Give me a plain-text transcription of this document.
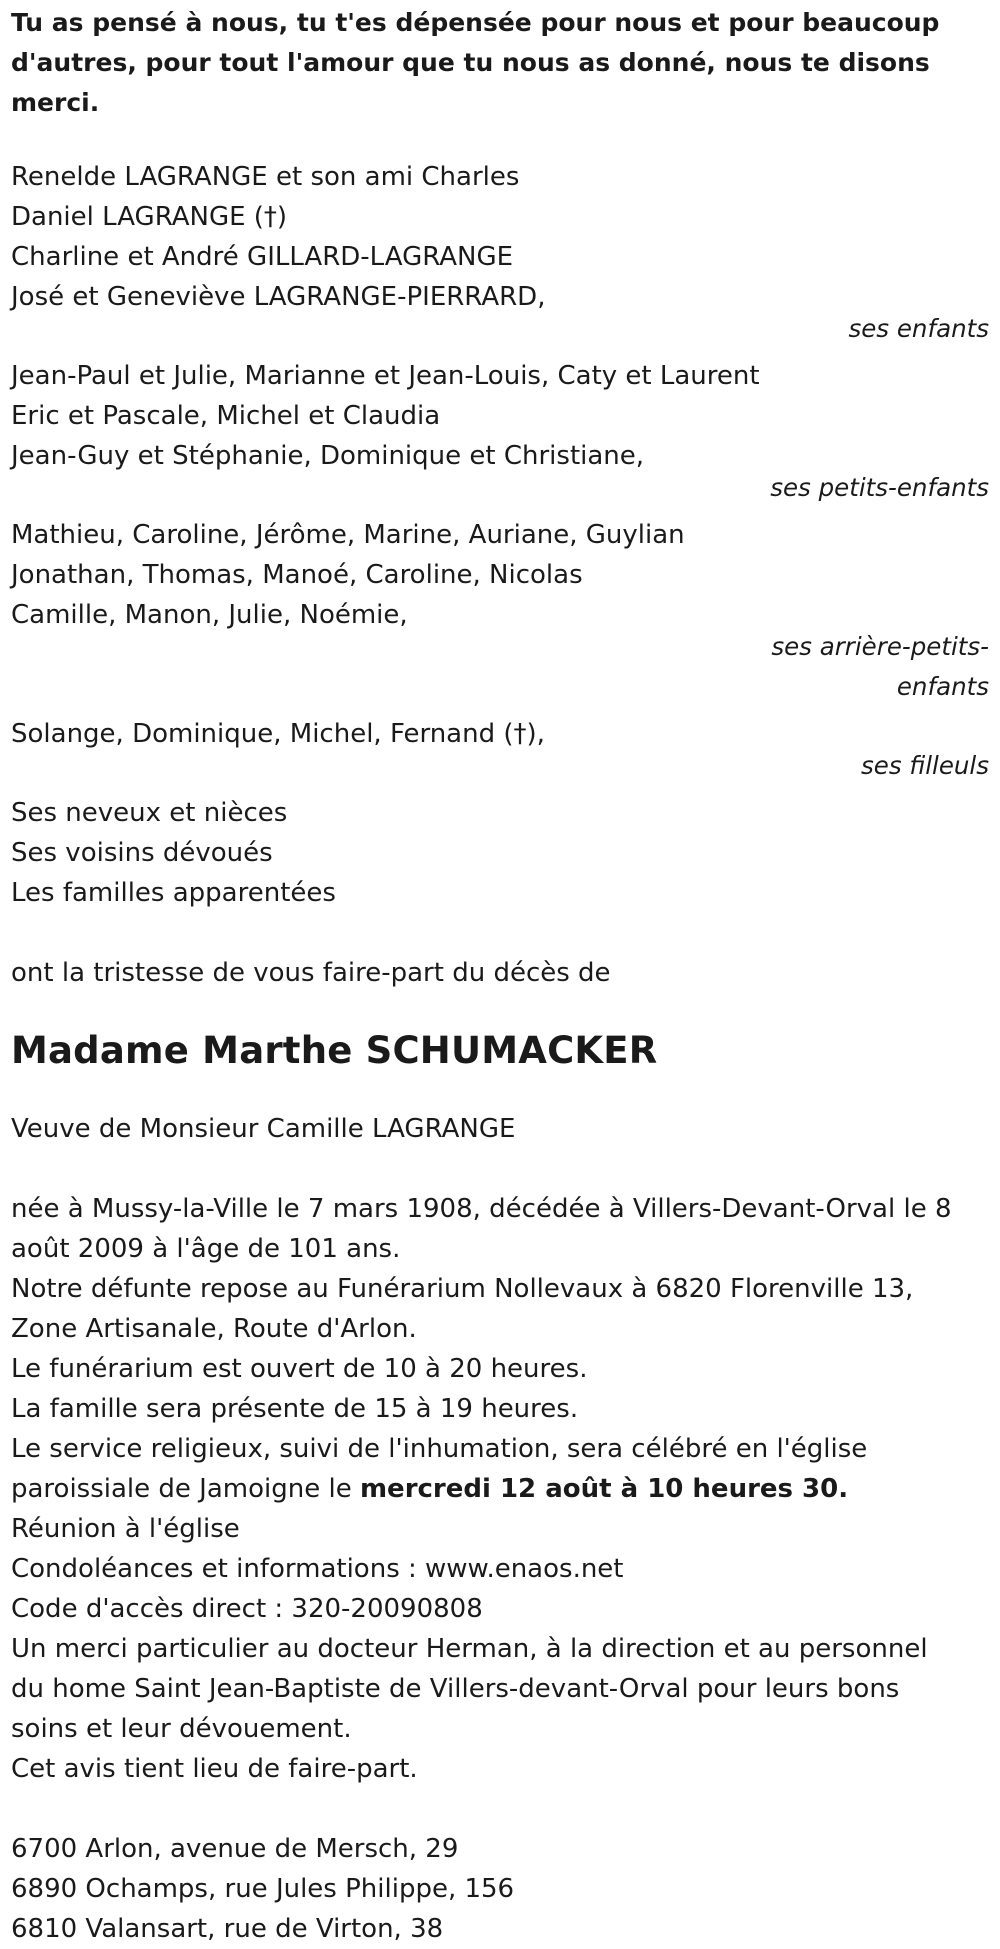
Tu as pensé à nous, tu t'es dépensée pour nous et pour beaucoup d'autres, pour tout l'amour que tu nous as donné, nous te disons merci.

Renelde LAGRANGE et son ami Charles
Daniel LAGRANGE (†)
Charline et André GILLARD-LAGRANGE
José et Geneviève LAGRANGE-PIERRARD,
ses enfants
Jean-Paul et Julie, Marianne et Jean-Louis, Caty et Laurent
Eric et Pascale, Michel et Claudia
Jean-Guy et Stéphanie, Dominique et Christiane,
ses petits-enfants
Mathieu, Caroline, Jérôme, Marine, Auriane, Guylian
Jonathan, Thomas, Manoé, Caroline, Nicolas
Camille, Manon, Julie, Noémie,
ses arrière-petits-
enfants
Solange, Dominique, Michel, Fernand (†),
ses filleuls
Ses neveux et nièces
Ses voisins dévoués
Les familles apparentées
ont la tristesse de vous faire-part du décès de
Madame Marthe SCHUMACKER
Veuve de Monsieur Camille LAGRANGE
née à Mussy-la-Ville le 7 mars 1908, décédée à Villers-Devant-Orval le 8
août 2009 à l'âge de 101 ans.
Notre défunte repose au Funérarium Nollevaux à 6820 Florenville 13,
Zone Artisanale, Route d'Arlon.
Le funérarium est ouvert de 10 à 20 heures.
La famille sera présente de 15 à 19 heures.
Le service religieux, suivi de l'inhumation, sera célébré en l'église
paroissiale de Jamoigne le mercredi 12 août à 10 heures 30.
Réunion à l'église
Condoléances et informations : www.enaos.net
Code d'accès direct : 320-20090808
Un merci particulier au docteur Herman, à la direction et au personnel
du home Saint Jean-Baptiste de Villers-devant-Orval pour leurs bons
soins et leur dévouement.
Cet avis tient lieu de faire-part.
6700 Arlon, avenue de Mersch, 29
6890 Ochamps, rue Jules Philippe, 156
6810 Valansart, rue de Virton, 38
